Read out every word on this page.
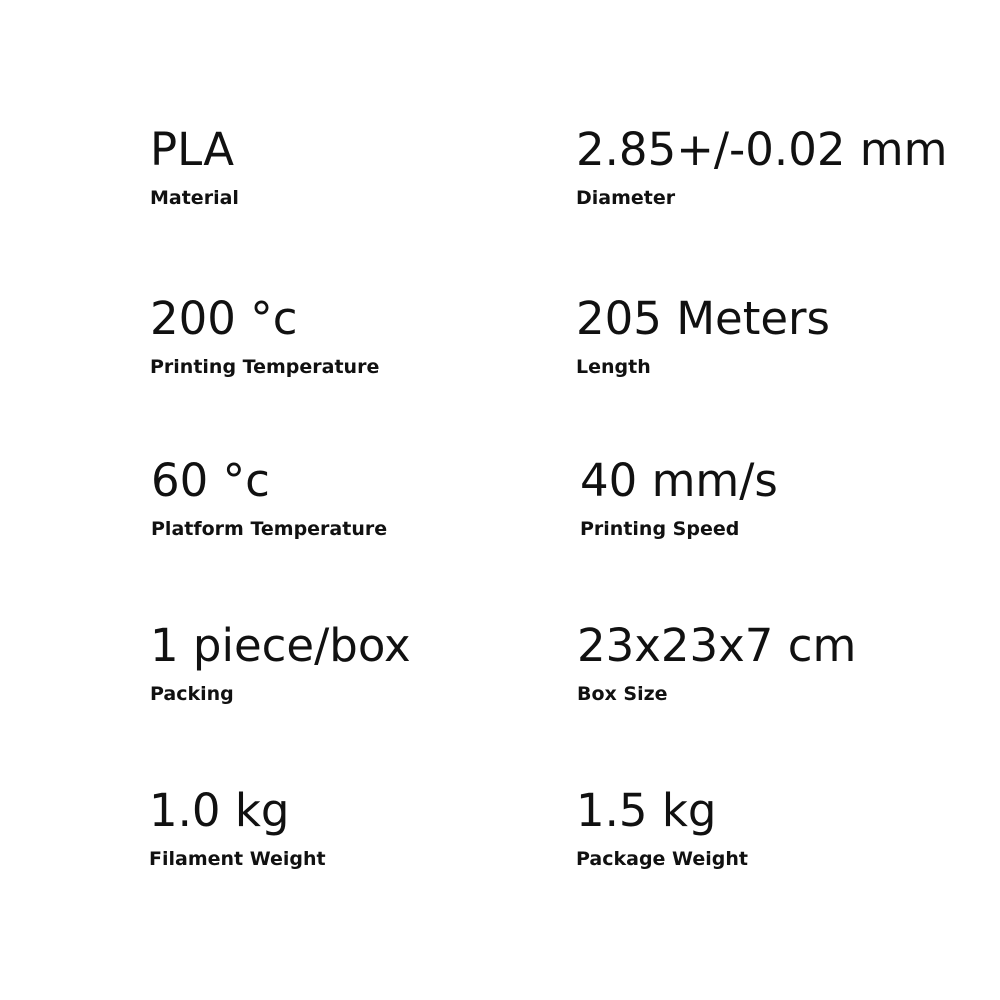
PLA
Material
2.85+/-0.02 mm
Diameter
200 °c
Printing Temperature
205 Meters
Length
60 °c
Platform Temperature
40 mm/s
Printing Speed
1 piece/box
Packing
23x23x7 cm
Box Size
1.0 kg
Filament Weight
1.5 kg
Package Weight
